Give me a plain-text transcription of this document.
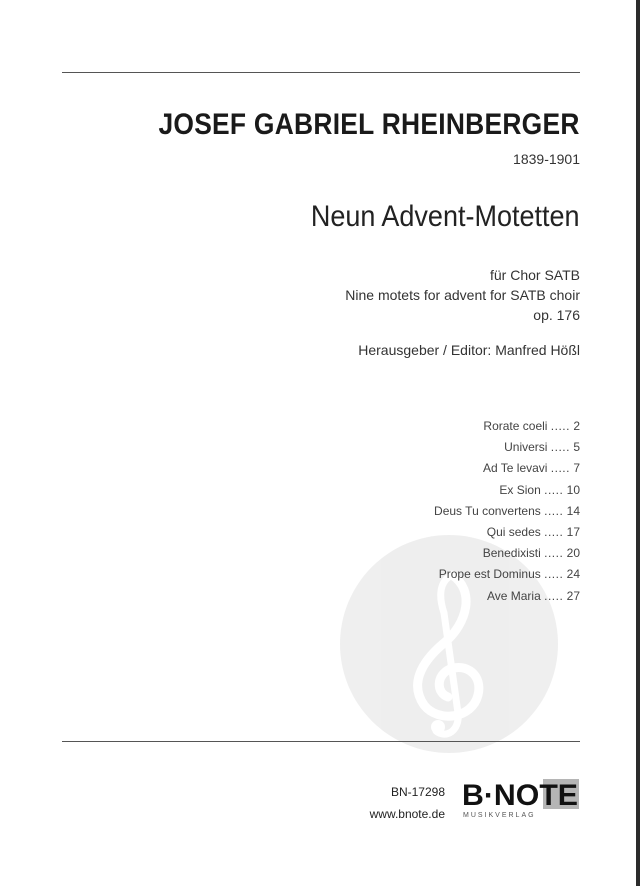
JOSEF GABRIEL RHEINBERGER
1839-1901
Neun Advent-Motetten
für Chor SATB
Nine motets for advent for SATB choir
op. 176
Herausgeber / Editor: Manfred Hößl
Rorate coeli ..... 2
Universi ..... 5
Ad Te levavi ..... 7
Ex Sion ..... 10
Deus Tu convertens ..... 14
Qui sedes ..... 17
Benedixisti ..... 20
Prope est Dominus ..... 24
Ave Maria ..... 27
BN-17298
www.bnote.de
B·NOTE
MUSIKVERLAG
